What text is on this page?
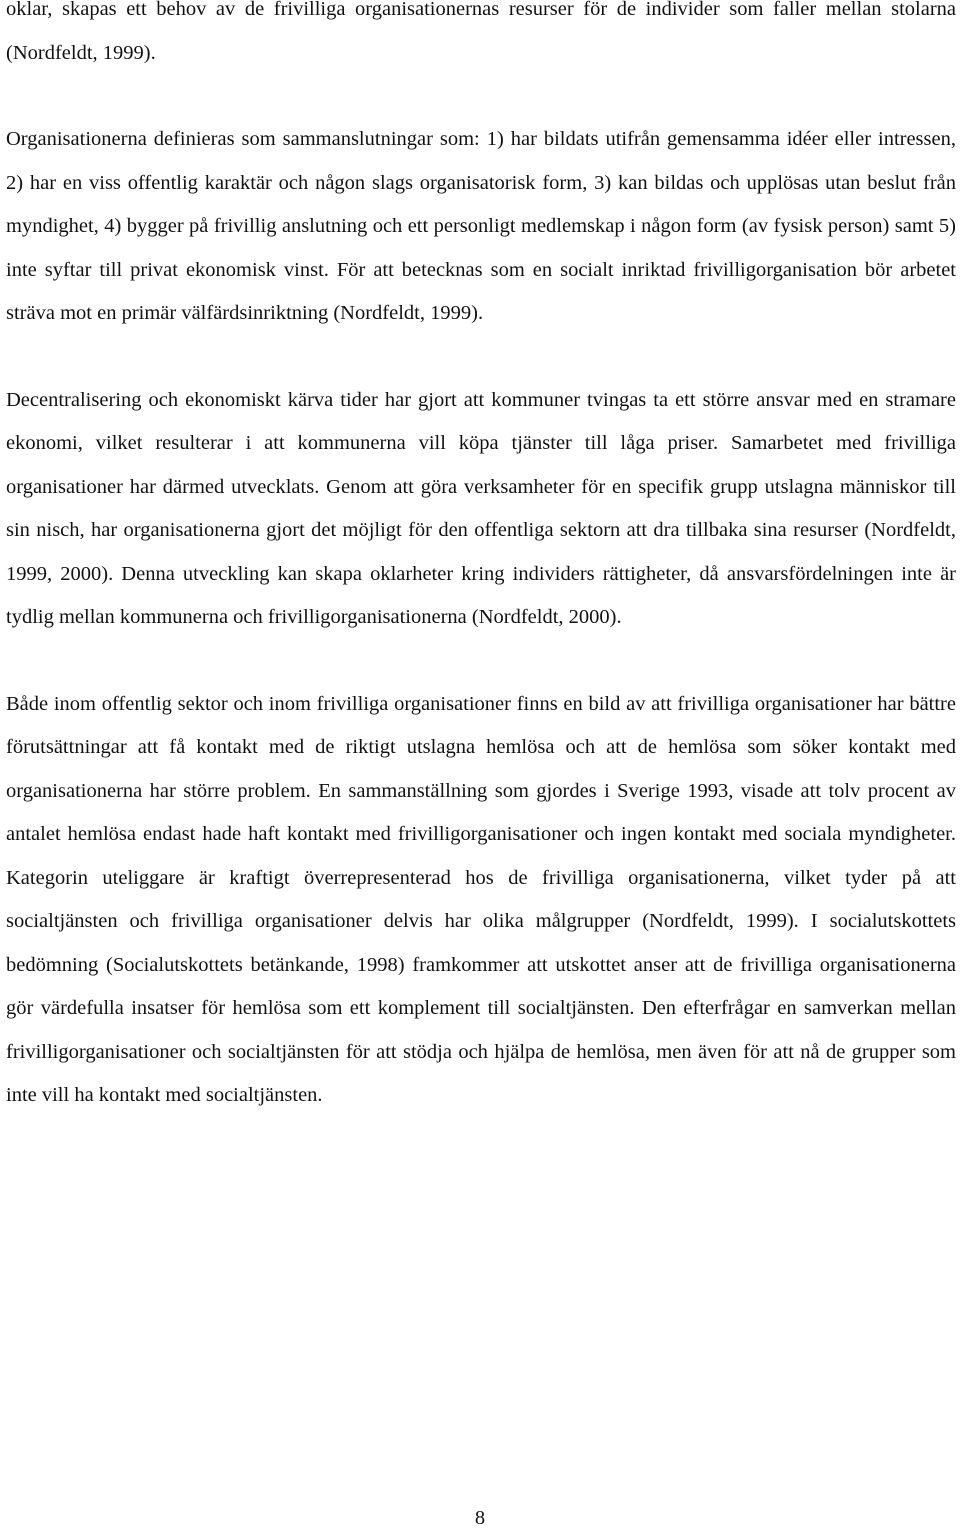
oklar, skapas ett behov av de frivilliga organisationernas resurser för de individer som faller mellan stolarna (Nordfeldt, 1999).

Organisationerna definieras som sammanslutningar som: 1) har bildats utifrån gemensamma idéer eller intressen, 2) har en viss offentlig karaktär och någon slags organisatorisk form, 3) kan bildas och upplösas utan beslut från myndighet, 4) bygger på frivillig anslutning och ett personligt medlemskap i någon form (av fysisk person) samt 5) inte syftar till privat ekonomisk vinst. För att betecknas som en socialt inriktad frivilligorganisation bör arbetet sträva mot en primär välfärdsinriktning (Nordfeldt, 1999).

Decentralisering och ekonomiskt kärva tider har gjort att kommuner tvingas ta ett större ansvar med en stramare ekonomi, vilket resulterar i att kommunerna vill köpa tjänster till låga priser. Samarbetet med frivilliga organisationer har därmed utvecklats. Genom att göra verksamheter för en specifik grupp utslagna människor till sin nisch, har organisationerna gjort det möjligt för den offentliga sektorn att dra tillbaka sina resurser (Nordfeldt, 1999, 2000). Denna utveckling kan skapa oklarheter kring individers rättigheter, då ansvarsfördelningen inte är tydlig mellan kommunerna och frivilligorganisationerna (Nordfeldt, 2000).

Både inom offentlig sektor och inom frivilliga organisationer finns en bild av att frivilliga organisationer har bättre förutsättningar att få kontakt med de riktigt utslagna hemlösa och att de hemlösa som söker kontakt med organisationerna har större problem. En sammanställning som gjordes i Sverige 1993, visade att tolv procent av antalet hemlösa endast hade haft kontakt med frivilligorganisationer och ingen kontakt med sociala myndigheter. Kategorin uteliggare är kraftigt överrepresenterad hos de frivilliga organisationerna, vilket tyder på att socialtjänsten och frivilliga organisationer delvis har olika målgrupper (Nordfeldt, 1999). I socialutskottets bedömning (Socialutskottets betänkande, 1998) framkommer att utskottet anser att de frivilliga organisationerna gör värdefulla insatser för hemlösa som ett komplement till socialtjänsten. Den efterfrågar en samverkan mellan frivilligorganisationer och socialtjänsten för att stödja och hjälpa de hemlösa, men även för att nå de grupper som inte vill ha kontakt med socialtjänsten.

8
